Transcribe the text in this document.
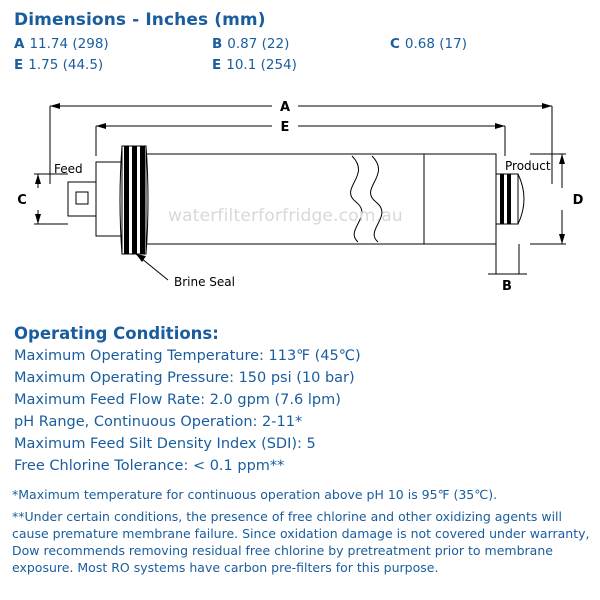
Dimensions - Inches (mm)
A 11.74 (298)	B 0.87 (22)	C 0.68 (17)
E 1.75 (44.5)	E 10.1 (254)
A
E
B
C	D
Feed	Product
Brine Seal
waterfilterforfridge.com.au
Operating Conditions:
Maximum Operating Temperature: 113℉ (45℃)
Maximum Operating Pressure: 150 psi (10 bar)
Maximum Feed Flow Rate: 2.0 gpm (7.6 lpm)
pH Range, Continuous Operation: 2-11*
Maximum Feed Silt Density Index (SDI): 5
Free Chlorine Tolerance: < 0.1 ppm**
*Maximum temperature for continuous operation above pH 10 is 95℉ (35℃).
**Under certain conditions, the presence of free chlorine and other oxidizing agents will cause premature membrane failure. Since oxidation damage is not covered under warranty, Dow recommends removing residual free chlorine by pretreatment prior to membrane exposure. Most RO systems have carbon pre-filters for this purpose.
